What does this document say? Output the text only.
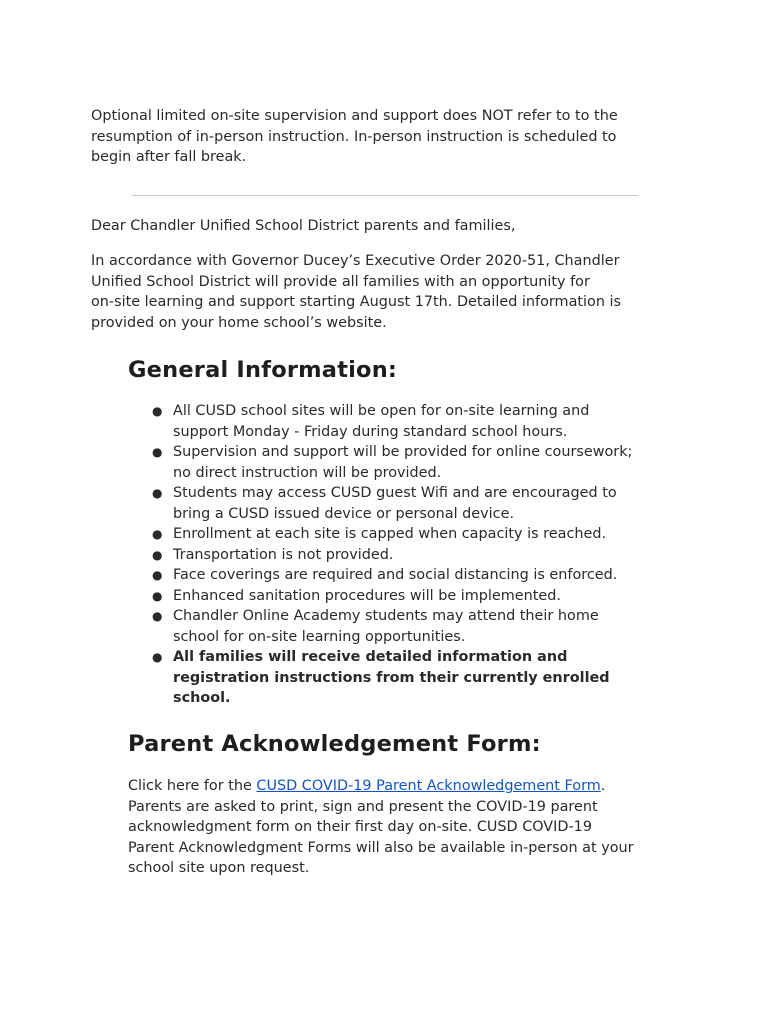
Optional limited on-site supervision and support does NOT refer to to the
resumption of in-person instruction. In-person instruction is scheduled to
begin after fall break.

Dear Chandler Unified School District parents and families,

In accordance with Governor Ducey’s Executive Order 2020-51, Chandler
Unified School District will provide all families with an opportunity for
on-site learning and support starting August 17th. Detailed information is
provided on your home school’s website.

General Information:
● All CUSD school sites will be open for on-site learning and
support Monday - Friday during standard school hours.
● Supervision and support will be provided for online coursework;
no direct instruction will be provided.
● Students may access CUSD guest Wifi and are encouraged to
bring a CUSD issued device or personal device.
● Enrollment at each site is capped when capacity is reached.
● Transportation is not provided.
● Face coverings are required and social distancing is enforced.
● Enhanced sanitation procedures will be implemented.
● Chandler Online Academy students may attend their home
school for on-site learning opportunities.
● All families will receive detailed information and
registration instructions from their currently enrolled
school.
Parent Acknowledgement Form:

Click here for the CUSD COVID-19 Parent Acknowledgement Form.
Parents are asked to print, sign and present the COVID-19 parent
acknowledgment form on their first day on-site. CUSD COVID-19
Parent Acknowledgment Forms will also be available in-person at your
school site upon request.
